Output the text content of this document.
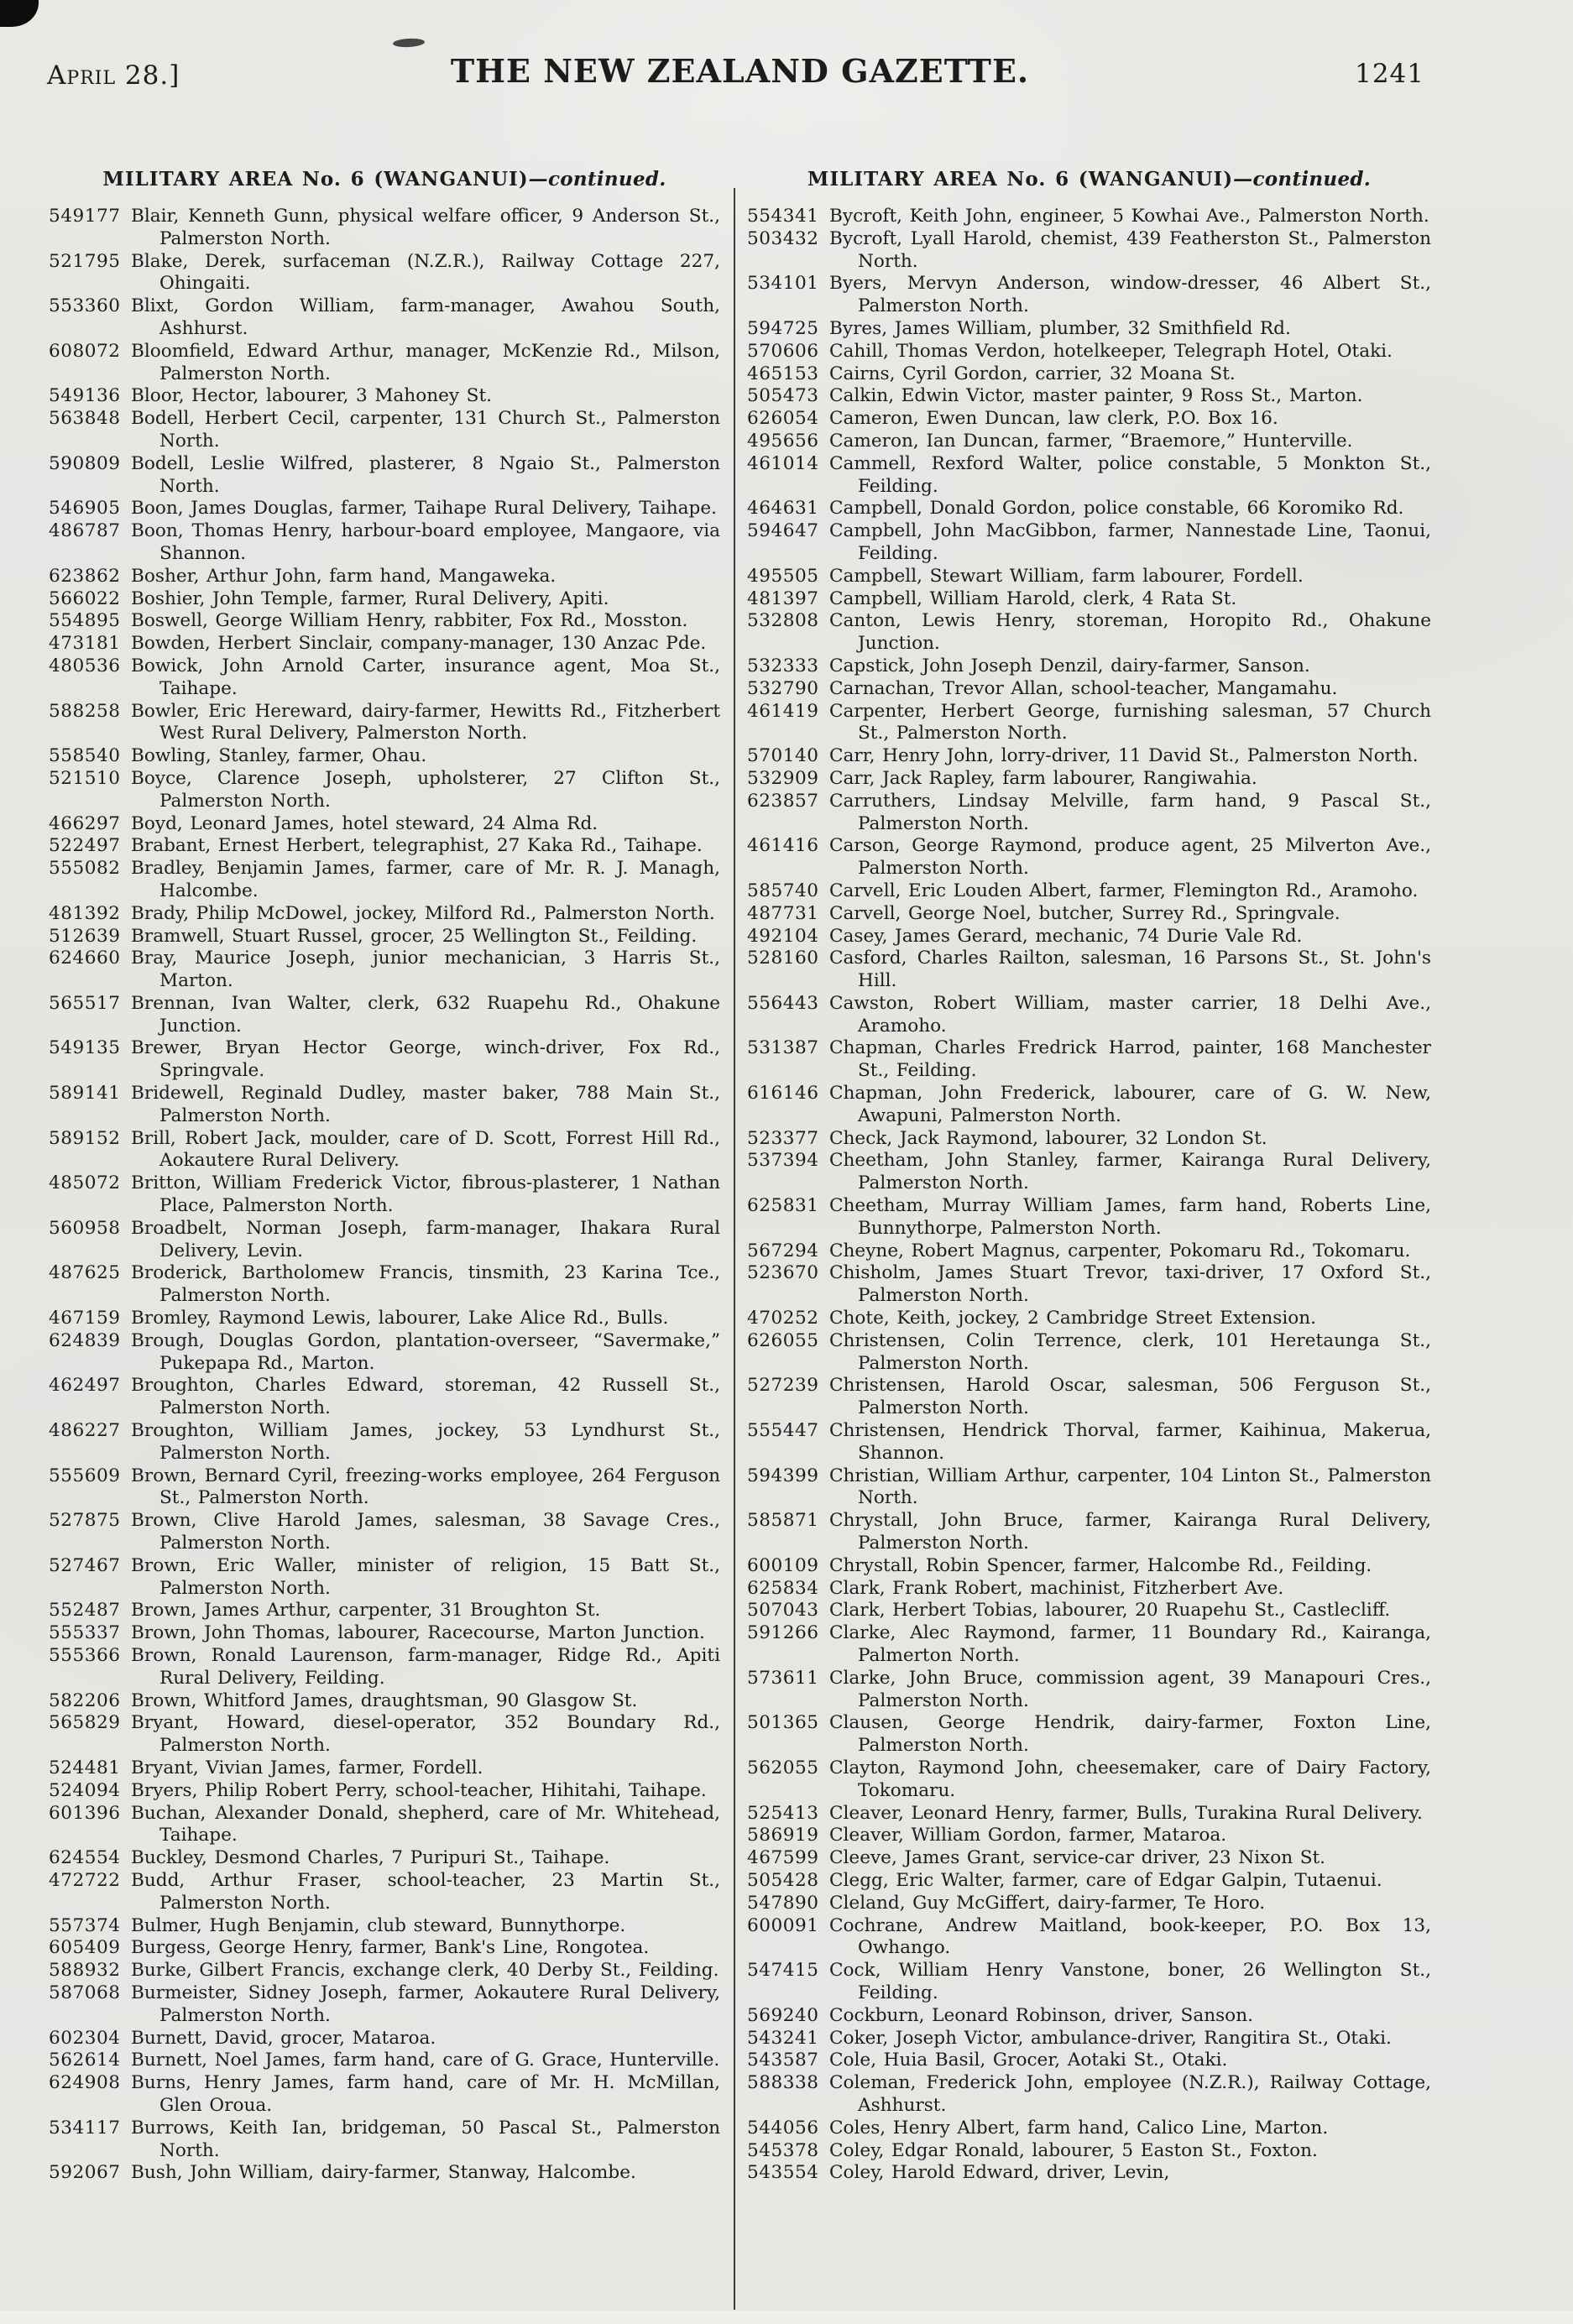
April 28.]	THE NEW ZEALAND GAZETTE.	1241
MILITARY AREA No. 6 (WANGANUI)—continued.
549177 Blair, Kenneth Gunn, physical welfare officer, 9 Anderson St., Palmerston North.
521795 Blake, Derek, surfaceman (N.Z.R.), Railway Cottage 227, Ohingaiti.
553360 Blixt, Gordon William, farm-manager, Awahou South, Ashhurst.
608072 Bloomfield, Edward Arthur, manager, McKenzie Rd., Milson, Palmerston North.
549136 Bloor, Hector, labourer, 3 Mahoney St.
563848 Bodell, Herbert Cecil, carpenter, 131 Church St., Palmerston North.
590809 Bodell, Leslie Wilfred, plasterer, 8 Ngaio St., Palmerston North.
546905 Boon, James Douglas, farmer, Taihape Rural Delivery, Taihape.
486787 Boon, Thomas Henry, harbour-board employee, Mangaore, via Shannon.
623862 Bosher, Arthur John, farm hand, Mangaweka.
566022 Boshier, John Temple, farmer, Rural Delivery, Apiti.
554895 Boswell, George William Henry, rabbiter, Fox Rd., Mosston.
473181 Bowden, Herbert Sinclair, company-manager, 130 Anzac Pde.
480536 Bowick, John Arnold Carter, insurance agent, Moa St., Taihape.
588258 Bowler, Eric Hereward, dairy-farmer, Hewitts Rd., Fitzherbert West Rural Delivery, Palmerston North.
558540 Bowling, Stanley, farmer, Ohau.
521510 Boyce, Clarence Joseph, upholsterer, 27 Clifton St., Palmerston North.
466297 Boyd, Leonard James, hotel steward, 24 Alma Rd.
522497 Brabant, Ernest Herbert, telegraphist, 27 Kaka Rd., Taihape.
555082 Bradley, Benjamin James, farmer, care of Mr. R. J. Managh, Halcombe.
481392 Brady, Philip McDowel, jockey, Milford Rd., Palmerston North.
512639 Bramwell, Stuart Russel, grocer, 25 Wellington St., Feilding.
624660 Bray, Maurice Joseph, junior mechanician, 3 Harris St., Marton.
565517 Brennan, Ivan Walter, clerk, 632 Ruapehu Rd., Ohakune Junction.
549135 Brewer, Bryan Hector George, winch-driver, Fox Rd., Springvale.
589141 Bridewell, Reginald Dudley, master baker, 788 Main St., Palmerston North.
589152 Brill, Robert Jack, moulder, care of D. Scott, Forrest Hill Rd., Aokautere Rural Delivery.
485072 Britton, William Frederick Victor, fibrous-plasterer, 1 Nathan Place, Palmerston North.
560958 Broadbelt, Norman Joseph, farm-manager, Ihakara Rural Delivery, Levin.
487625 Broderick, Bartholomew Francis, tinsmith, 23 Karina Tce., Palmerston North.
467159 Bromley, Raymond Lewis, labourer, Lake Alice Rd., Bulls.
624839 Brough, Douglas Gordon, plantation-overseer, “Savermake,” Pukepapa Rd., Marton.
462497 Broughton, Charles Edward, storeman, 42 Russell St., Palmerston North.
486227 Broughton, William James, jockey, 53 Lyndhurst St., Palmerston North.
555609 Brown, Bernard Cyril, freezing-works employee, 264 Ferguson St., Palmerston North.
527875 Brown, Clive Harold James, salesman, 38 Savage Cres., Palmerston North.
527467 Brown, Eric Waller, minister of religion, 15 Batt St., Palmerston North.
552487 Brown, James Arthur, carpenter, 31 Broughton St.
555337 Brown, John Thomas, labourer, Racecourse, Marton Junction.
555366 Brown, Ronald Laurenson, farm-manager, Ridge Rd., Apiti Rural Delivery, Feilding.
582206 Brown, Whitford James, draughtsman, 90 Glasgow St.
565829 Bryant, Howard, diesel-operator, 352 Boundary Rd., Palmerston North.
524481 Bryant, Vivian James, farmer, Fordell.
524094 Bryers, Philip Robert Perry, school-teacher, Hihitahi, Taihape.
601396 Buchan, Alexander Donald, shepherd, care of Mr. Whitehead, Taihape.
624554 Buckley, Desmond Charles, 7 Puripuri St., Taihape.
472722 Budd, Arthur Fraser, school-teacher, 23 Martin St., Palmerston North.
557374 Bulmer, Hugh Benjamin, club steward, Bunnythorpe.
605409 Burgess, George Henry, farmer, Bank's Line, Rongotea.
588932 Burke, Gilbert Francis, exchange clerk, 40 Derby St., Feilding.
587068 Burmeister, Sidney Joseph, farmer, Aokautere Rural Delivery, Palmerston North.
602304 Burnett, David, grocer, Mataroa.
562614 Burnett, Noel James, farm hand, care of G. Grace, Hunterville.
624908 Burns, Henry James, farm hand, care of Mr. H. McMillan, Glen Oroua.
534117 Burrows, Keith Ian, bridgeman, 50 Pascal St., Palmerston North.
592067 Bush, John William, dairy-farmer, Stanway, Halcombe.
MILITARY AREA No. 6 (WANGANUI)—continued.
554341 Bycroft, Keith John, engineer, 5 Kowhai Ave., Palmerston North.
503432 Bycroft, Lyall Harold, chemist, 439 Featherston St., Palmerston North.
534101 Byers, Mervyn Anderson, window-dresser, 46 Albert St., Palmerston North.
594725 Byres, James William, plumber, 32 Smithfield Rd.
570606 Cahill, Thomas Verdon, hotelkeeper, Telegraph Hotel, Otaki.
465153 Cairns, Cyril Gordon, carrier, 32 Moana St.
505473 Calkin, Edwin Victor, master painter, 9 Ross St., Marton.
626054 Cameron, Ewen Duncan, law clerk, P.O. Box 16.
495656 Cameron, Ian Duncan, farmer, “Braemore,” Hunterville.
461014 Cammell, Rexford Walter, police constable, 5 Monkton St., Feilding.
464631 Campbell, Donald Gordon, police constable, 66 Koromiko Rd.
594647 Campbell, John MacGibbon, farmer, Nannestade Line, Taonui, Feilding.
495505 Campbell, Stewart William, farm labourer, Fordell.
481397 Campbell, William Harold, clerk, 4 Rata St.
532808 Canton, Lewis Henry, storeman, Horopito Rd., Ohakune Junction.
532333 Capstick, John Joseph Denzil, dairy-farmer, Sanson.
532790 Carnachan, Trevor Allan, school-teacher, Mangamahu.
461419 Carpenter, Herbert George, furnishing salesman, 57 Church St., Palmerston North.
570140 Carr, Henry John, lorry-driver, 11 David St., Palmerston North.
532909 Carr, Jack Rapley, farm labourer, Rangiwahia.
623857 Carruthers, Lindsay Melville, farm hand, 9 Pascal St., Palmerston North.
461416 Carson, George Raymond, produce agent, 25 Milverton Ave., Palmerston North.
585740 Carvell, Eric Louden Albert, farmer, Flemington Rd., Aramoho.
487731 Carvell, George Noel, butcher, Surrey Rd., Springvale.
492104 Casey, James Gerard, mechanic, 74 Durie Vale Rd.
528160 Casford, Charles Railton, salesman, 16 Parsons St., St. John's Hill.
556443 Cawston, Robert William, master carrier, 18 Delhi Ave., Aramoho.
531387 Chapman, Charles Fredrick Harrod, painter, 168 Manchester St., Feilding.
616146 Chapman, John Frederick, labourer, care of G. W. New, Awapuni, Palmerston North.
523377 Check, Jack Raymond, labourer, 32 London St.
537394 Cheetham, John Stanley, farmer, Kairanga Rural Delivery, Palmerston North.
625831 Cheetham, Murray William James, farm hand, Roberts Line, Bunnythorpe, Palmerston North.
567294 Cheyne, Robert Magnus, carpenter, Pokomaru Rd., Tokomaru.
523670 Chisholm, James Stuart Trevor, taxi-driver, 17 Oxford St., Palmerston North.
470252 Chote, Keith, jockey, 2 Cambridge Street Extension.
626055 Christensen, Colin Terrence, clerk, 101 Heretaunga St., Palmerston North.
527239 Christensen, Harold Oscar, salesman, 506 Ferguson St., Palmerston North.
555447 Christensen, Hendrick Thorval, farmer, Kaihinua, Makerua, Shannon.
594399 Christian, William Arthur, carpenter, 104 Linton St., Palmerston North.
585871 Chrystall, John Bruce, farmer, Kairanga Rural Delivery, Palmerston North.
600109 Chrystall, Robin Spencer, farmer, Halcombe Rd., Feilding.
625834 Clark, Frank Robert, machinist, Fitzherbert Ave.
507043 Clark, Herbert Tobias, labourer, 20 Ruapehu St., Castlecliff.
591266 Clarke, Alec Raymond, farmer, 11 Boundary Rd., Kairanga, Palmerton North.
573611 Clarke, John Bruce, commission agent, 39 Manapouri Cres., Palmerston North.
501365 Clausen, George Hendrik, dairy-farmer, Foxton Line, Palmerston North.
562055 Clayton, Raymond John, cheesemaker, care of Dairy Factory, Tokomaru.
525413 Cleaver, Leonard Henry, farmer, Bulls, Turakina Rural Delivery.
586919 Cleaver, William Gordon, farmer, Mataroa.
467599 Cleeve, James Grant, service-car driver, 23 Nixon St.
505428 Clegg, Eric Walter, farmer, care of Edgar Galpin, Tutaenui.
547890 Cleland, Guy McGiffert, dairy-farmer, Te Horo.
600091 Cochrane, Andrew Maitland, book-keeper, P.O. Box 13, Owhango.
547415 Cock, William Henry Vanstone, boner, 26 Wellington St., Feilding.
569240 Cockburn, Leonard Robinson, driver, Sanson.
543241 Coker, Joseph Victor, ambulance-driver, Rangitira St., Otaki.
543587 Cole, Huia Basil, Grocer, Aotaki St., Otaki.
588338 Coleman, Frederick John, employee (N.Z.R.), Railway Cottage, Ashhurst.
544056 Coles, Henry Albert, farm hand, Calico Line, Marton.
545378 Coley, Edgar Ronald, labourer, 5 Easton St., Foxton.
543554 Coley, Harold Edward, driver, Levin,
